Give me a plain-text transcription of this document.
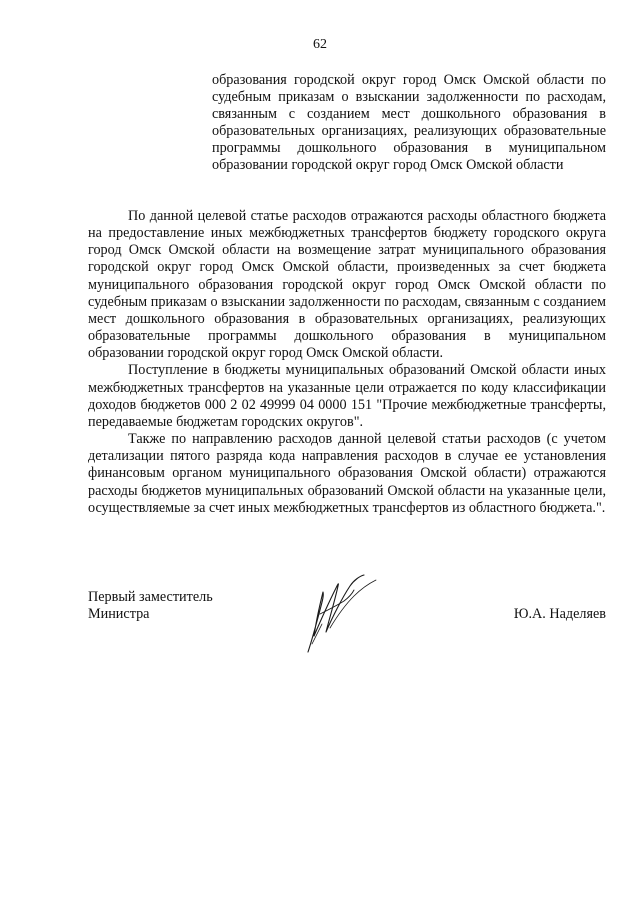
62
образования городской округ город Омск Омской области по судебным приказам о взыскании задолженности по расходам, связанным с созданием мест дошкольного образования в образовательных организациях, реализующих образовательные программы дошкольного образования в муниципальном образовании городской округ город Омск Омской области

По данной целевой статье расходов отражаются расходы областного бюджета на предоставление иных межбюджетных трансфертов бюджету городского округа город Омск Омской области на возмещение затрат муниципального образования городской округ город Омск Омской области, произведенных за счет бюджета муниципального образования городской округ город Омск Омской области по судебным приказам о взыскании задолженности по расходам, связанным с созданием мест дошкольного образования в образовательных организациях, реализующих образовательные программы дошкольного образования в муниципальном образовании городской округ город Омск Омской области.

Поступление в бюджеты муниципальных образований Омской области иных межбюджетных трансфертов на указанные цели отражается по коду классификации доходов бюджетов 000 2 02 49999 04 0000 151 "Прочие межбюджетные трансферты, передаваемые бюджетам городских округов".

Также по направлению расходов данной целевой статьи расходов (с учетом детализации пятого разряда кода направления расходов в случае ее установления финансовым органом муниципального образования Омской области) отражаются расходы бюджетов муниципальных образований Омской области на указанные цели, осуществляемые за счет иных межбюджетных трансфертов из областного бюджета.".

Первый заместитель
Министра	Ю.А. Наделяев
